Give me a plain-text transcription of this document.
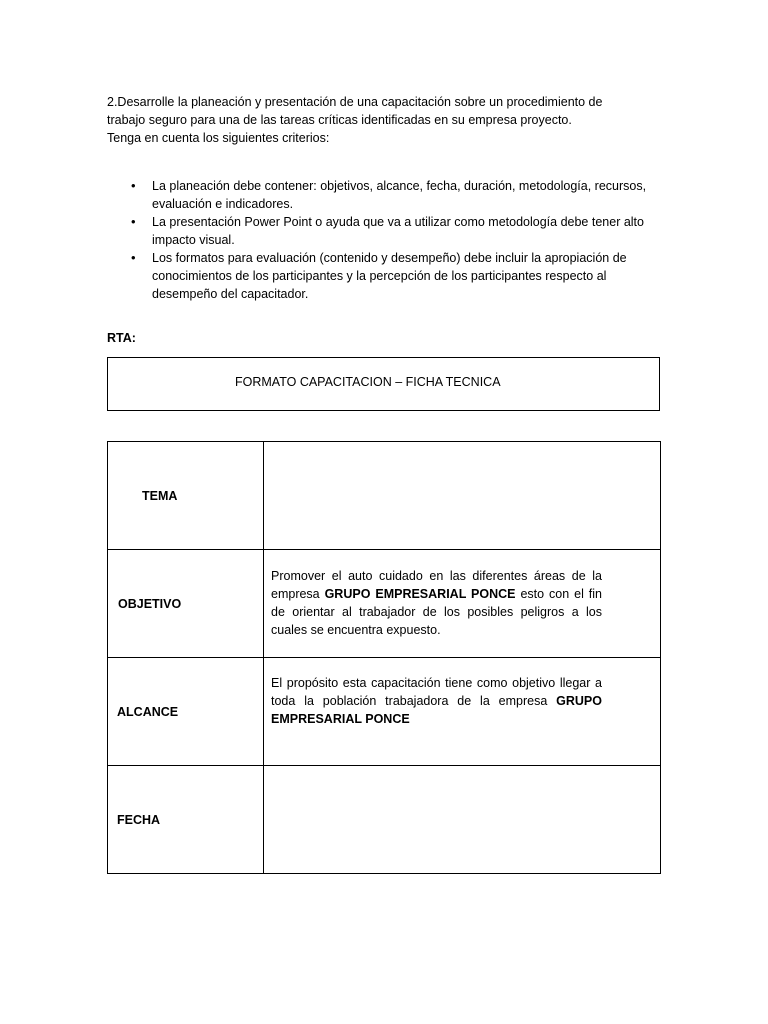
2.Desarrolle la planeación y presentación de una capacitación sobre un procedimiento de

trabajo seguro para una de las tareas críticas identificadas en su empresa proyecto.

Tenga en cuenta los siguientes criterios:

• La planeación debe contener: objetivos, alcance, fecha, duración, metodología, recursos, evaluación e indicadores.
• La presentación Power Point o ayuda que va a utilizar como metodología debe tener alto impacto visual.
• Los formatos para evaluación (contenido y desempeño) debe incluir la apropiación de conocimientos de los participantes y la percepción de los participantes respecto al desempeño del capacitador.
RTA:
FORMATO CAPACITACION – FICHA TECNICA
TEMA	

OBJETIVO	Promover el auto cuidado en las diferentes áreas de la empresa GRUPO EMPRESARIAL PONCE esto con el fin de orientar al trabajador de los posibles peligros a los cuales se encuentra expuesto.

ALCANCE	El propósito esta capacitación tiene como objetivo llegar a toda la población trabajadora de la empresa GRUPO EMPRESARIAL PONCE

FECHA	
